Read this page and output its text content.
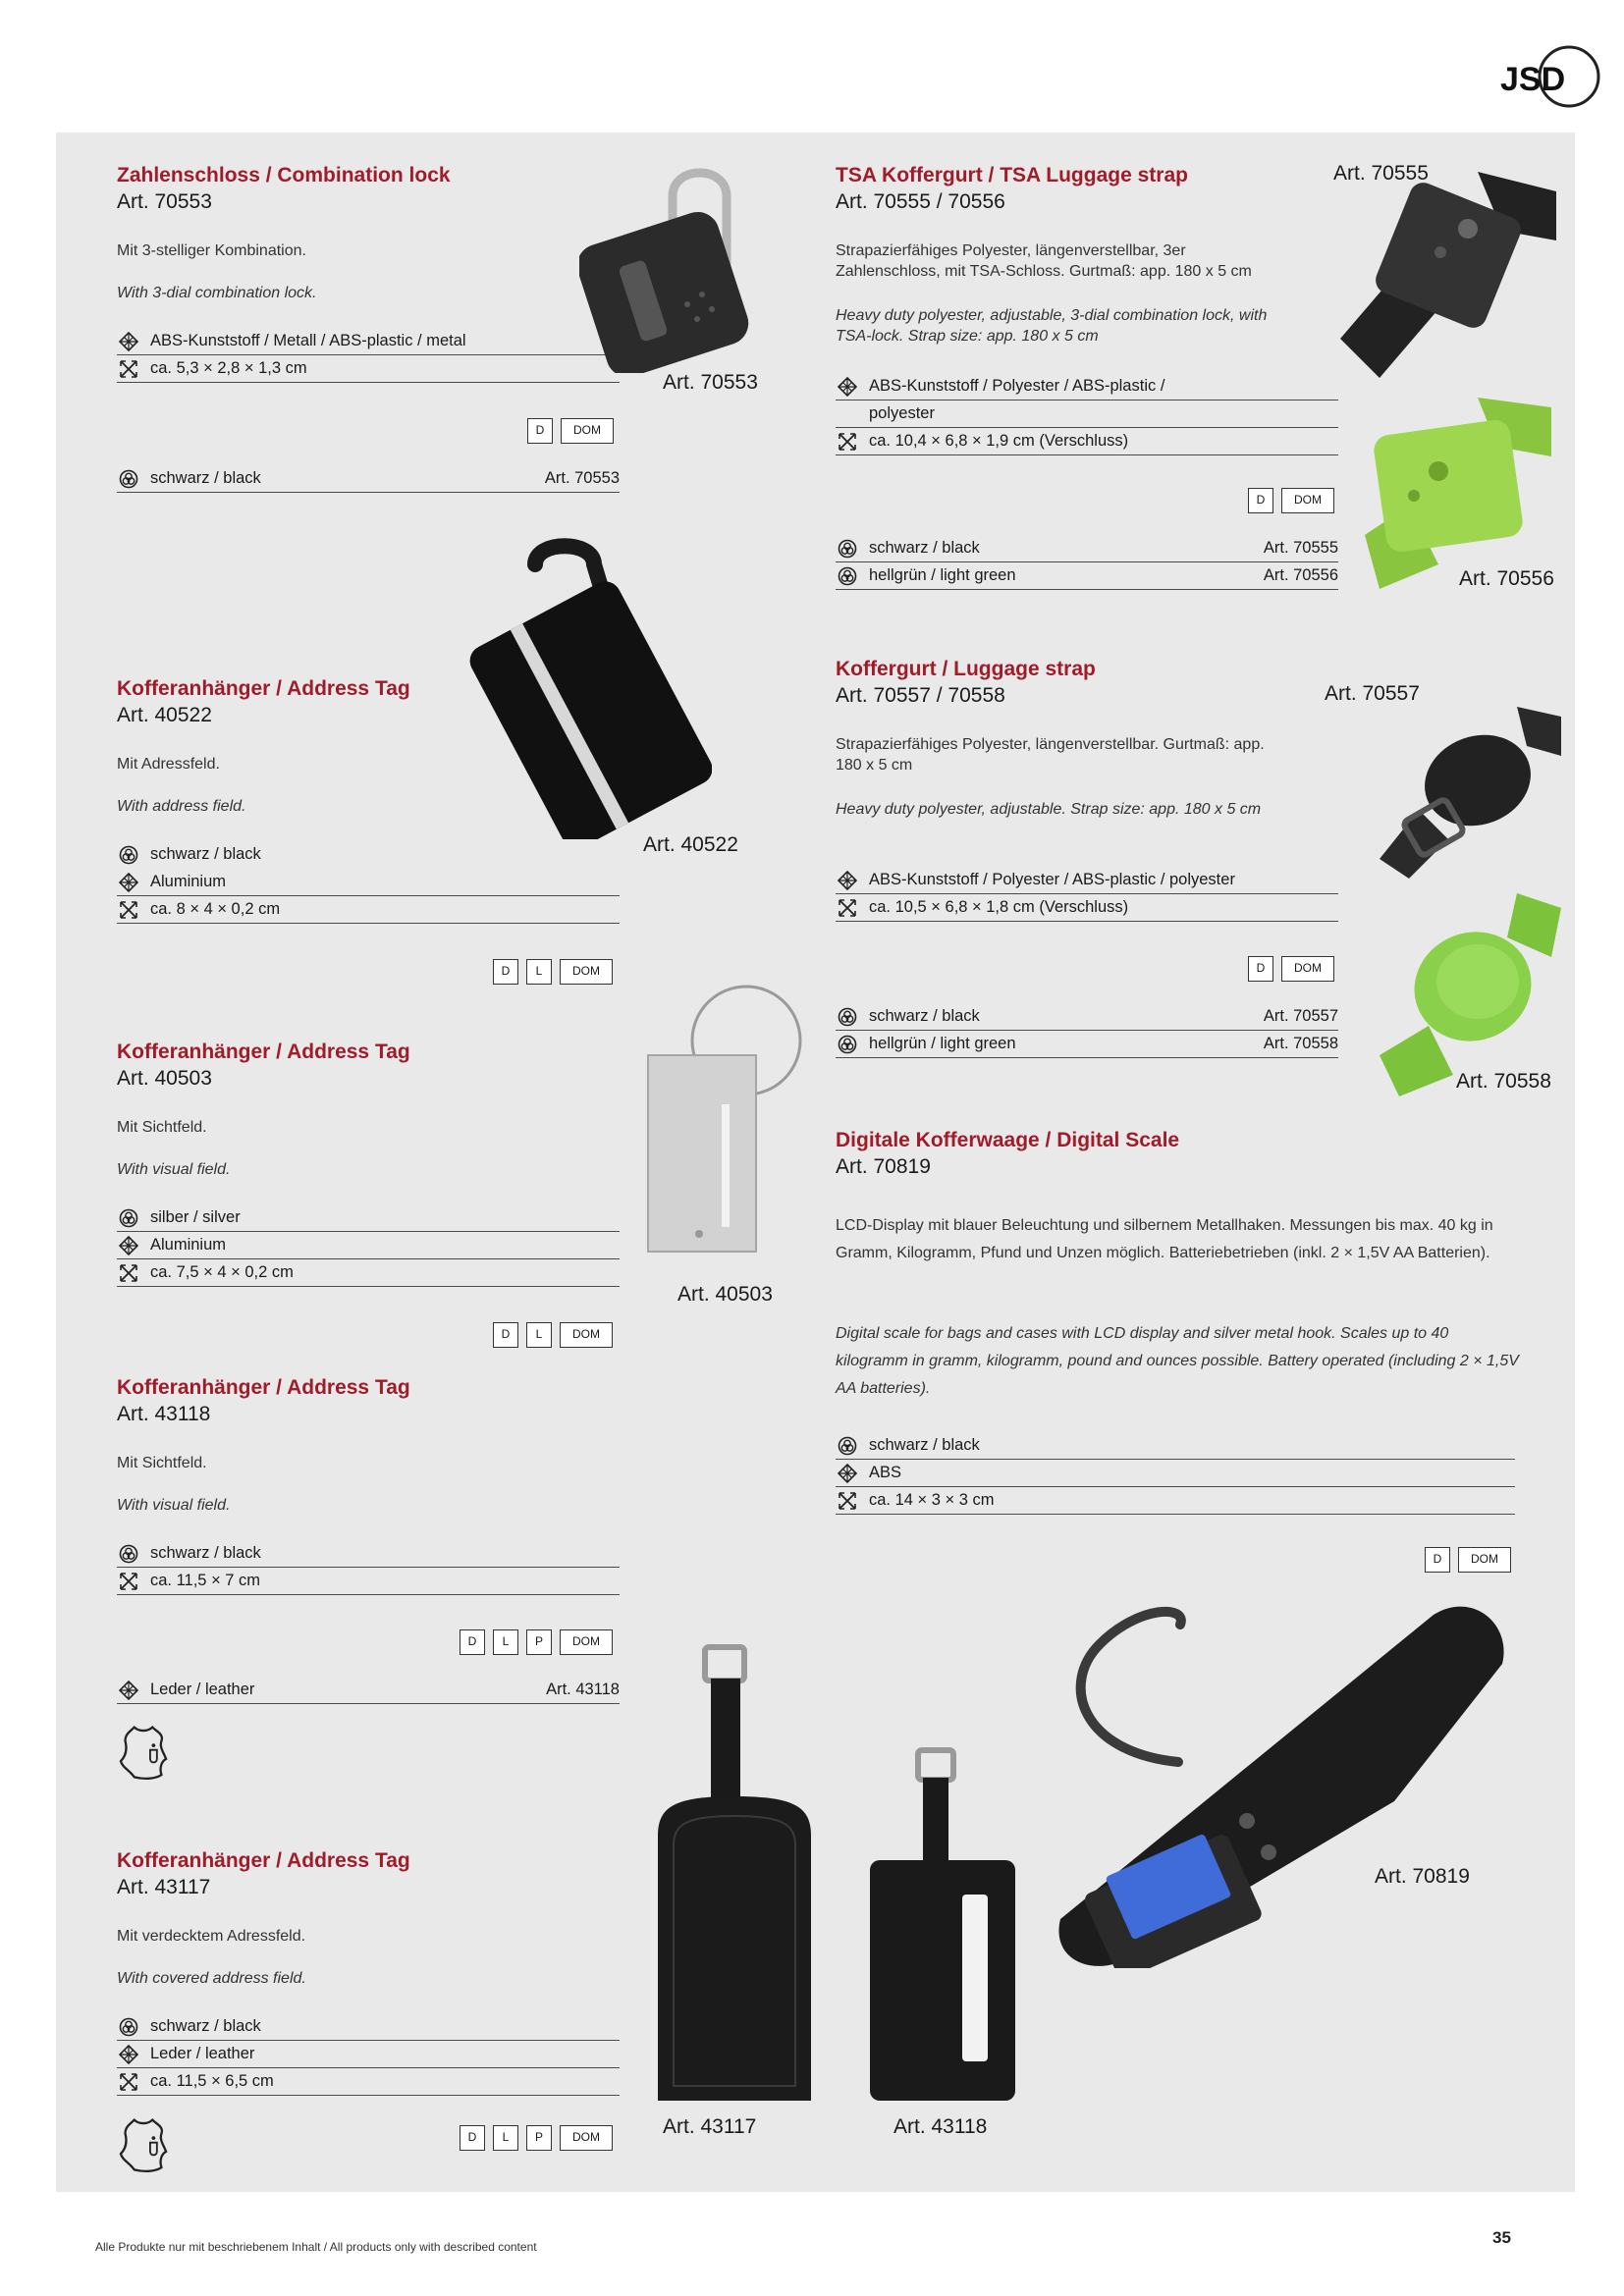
JSD
Zahlenschloss / Combination lock
Art. 70553
Mit 3-stelliger Kombination.
With 3-dial combination lock.
ABS-Kunststoff / Metall / ABS-plastic / metal
ca. 5,3 × 2,8 × 1,3 cm
D	DOM
schwarz / black	Art. 70553
Art. 70553
Kofferanhänger / Address Tag
Art. 40522
Mit Adressfeld.
With address field.
schwarz / black
Aluminium
ca. 8 × 4 × 0,2 cm
D	L	DOM
Art. 40522
Kofferanhänger / Address Tag
Art. 40503
Mit Sichtfeld.
With visual field.
silber / silver
Aluminium
ca. 7,5 × 4 × 0,2 cm
D	L	DOM
Art. 40503
Kofferanhänger / Address Tag
Art. 43118
Mit Sichtfeld.
With visual field.
schwarz / black
ca. 11,5 × 7 cm
D	L	P	DOM
Leder / leather	Art. 43118
Kofferanhänger / Address Tag
Art. 43117
Mit verdecktem Adressfeld.
With covered address field.
schwarz / black
Leder / leather
ca. 11,5 × 6,5 cm
D	L	P	DOM	Art. 43117	Art. 43118
TSA Koffergurt / TSA Luggage strap
Art. 70555 / 70556
Strapazierfähiges Polyester, längenverstellbar, 3er Zahlenschloss, mit TSA-Schloss. Gurtmaß: app. 180 x 5 cm
Heavy duty polyester, adjustable, 3-dial combination lock, with TSA-lock. Strap size: app. 180 x 5 cm
ABS-Kunststoff / Polyester / ABS-plastic /
polyester
ca. 10,4 × 6,8 × 1,9 cm (Verschluss)
D	DOM
schwarz / black	Art. 70555
hellgrün / light green	Art. 70556
Art. 70555
Art. 70556
Koffergurt / Luggage strap
Art. 70557 / 70558	Art. 70557
Strapazierfähiges Polyester, längenverstellbar. Gurtmaß: app. 180 x 5 cm
Heavy duty polyester, adjustable. Strap size: app. 180 x 5 cm
ABS-Kunststoff / Polyester / ABS-plastic / polyester
ca. 10,5 × 6,8 × 1,8 cm (Verschluss)
D	DOM
schwarz / black	Art. 70557
hellgrün / light green	Art. 70558
Art. 70558
Digitale Kofferwaage / Digital Scale
Art. 70819
LCD-Display mit blauer Beleuchtung und silbernem Metallhaken. Messungen bis max. 40 kg in Gramm, Kilogramm, Pfund und Unzen möglich. Batteriebetrieben (inkl. 2 × 1,5V AA Batterien).
Digital scale for bags and cases with LCD display and silver metal hook. Scales up to 40 kilogramm in gramm, kilogramm, pound and ounces possible. Battery operated (including 2 × 1,5V AA batteries).
schwarz / black
ABS
ca. 14 × 3 × 3 cm
D	DOM
Art. 70819
Alle Produkte nur mit beschriebenem Inhalt / All products only with described content	35
